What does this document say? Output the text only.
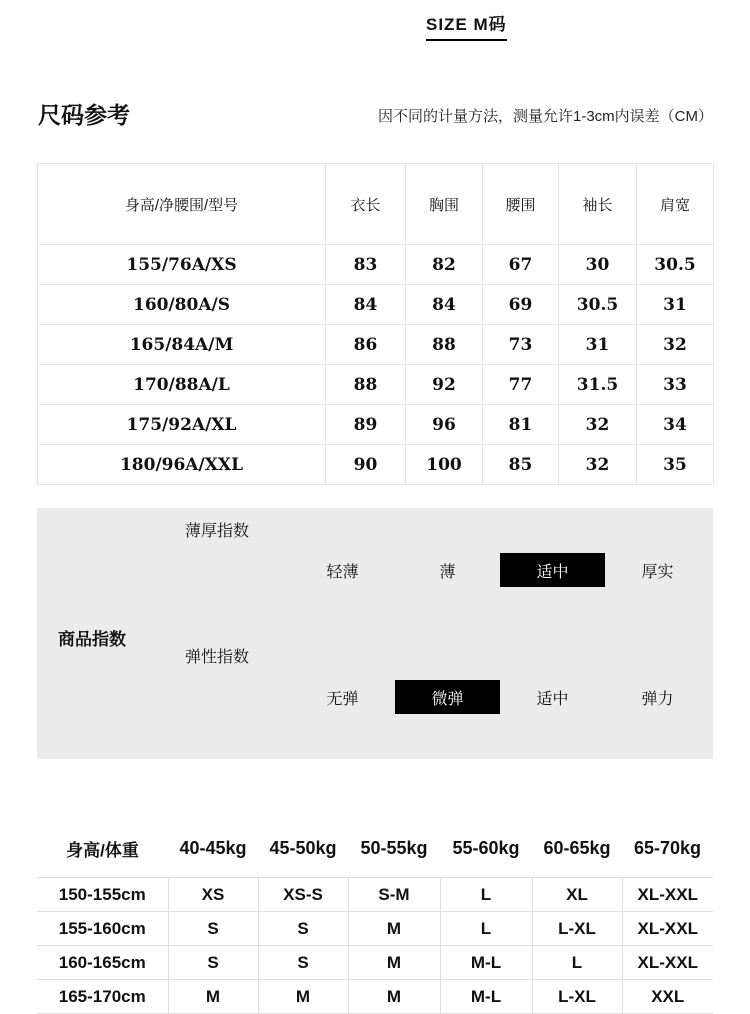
SIZE M码
尺码参考	因不同的计量方法，测量允许1-3cm内误差（CM）
身高/净腰围/型号	衣长	胸围	腰围	袖长	肩宽
155/76A/XS	83	82	67	30	30.5
160/80A/S	84	84	69	30.5	31
165/84A/M	86	88	73	31	32
170/88A/L	88	92	77	31.5	33
175/92A/XL	89	96	81	32	34
180/96A/XXL	90	100	85	32	35
商品指数
薄厚指数
轻薄	薄	适中	厚实
弹性指数
无弹	微弹	适中	弹力
身高/体重	40-45kg	45-50kg	50-55kg	55-60kg	60-65kg	65-70kg
150-155cm	XS	XS-S	S-M	L	XL	XL-XXL
155-160cm	S	S	M	L	L-XL	XL-XXL
160-165cm	S	S	M	M-L	L	XL-XXL
165-170cm	M	M	M	M-L	L-XL	XXL
